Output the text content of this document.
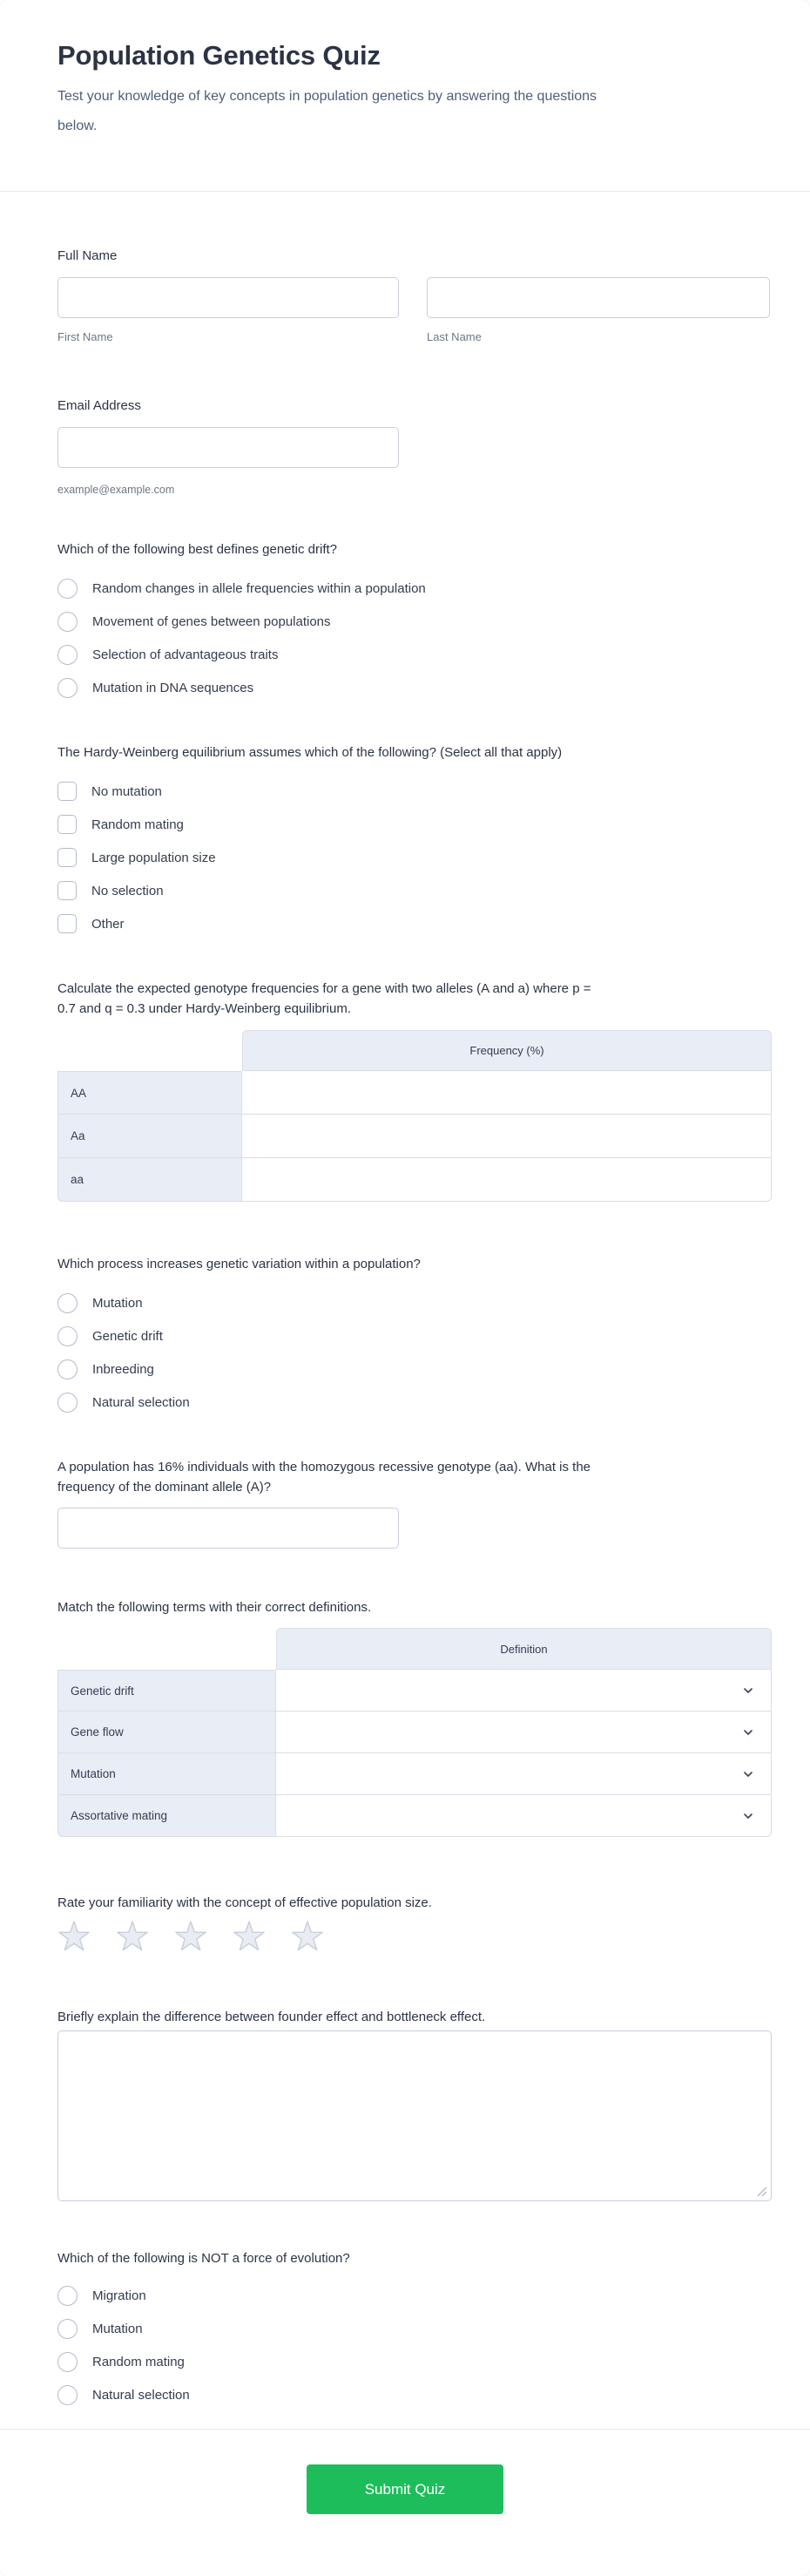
Population Genetics Quiz
Test your knowledge of key concepts in population genetics by answering the questions below.
Full Name
First Name	Last Name
Email Address
example@example.com
Which of the following best defines genetic drift?
Random changes in allele frequencies within a population
Movement of genes between populations
Selection of advantageous traits
Mutation in DNA sequences
The Hardy-Weinberg equilibrium assumes which of the following? (Select all that apply)
No mutation
Random mating
Large population size
No selection
Other
Calculate the expected genotype frequencies for a gene with two alleles (A and a) where p = 0.7 and q = 0.3 under Hardy-Weinberg equilibrium.
Frequency (%)
AA
Aa
aa
Which process increases genetic variation within a population?
Mutation
Genetic drift
Inbreeding
Natural selection
A population has 16% individuals with the homozygous recessive genotype (aa). What is the frequency of the dominant allele (A)?
Match the following terms with their correct definitions.
Definition
Genetic drift
Gene flow
Mutation
Assortative mating
Rate your familiarity with the concept of effective population size.
Briefly explain the difference between founder effect and bottleneck effect.
Which of the following is NOT a force of evolution?
Migration
Mutation
Random mating
Natural selection
Submit Quiz
